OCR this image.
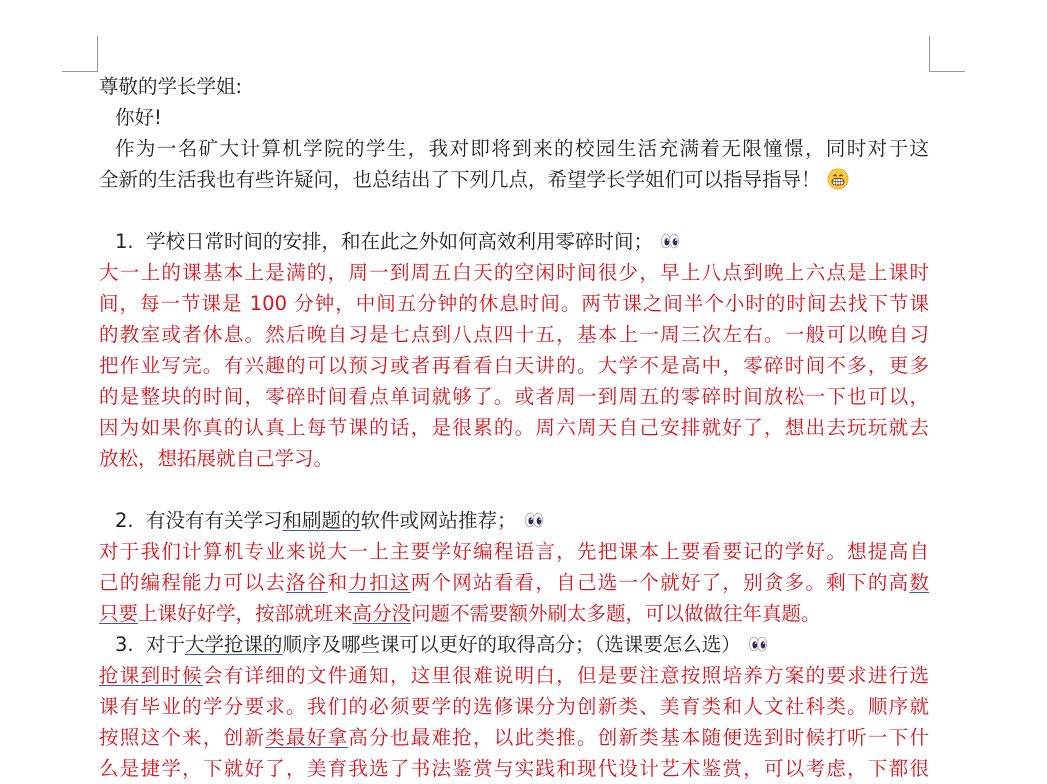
尊敬的学长学姐:
你好!
作为一名矿大计算机学院的学生，我对即将到来的校园生活充满着无限憧憬，同时对于这
全新的生活我也有些许疑问，也总结出了下列几点，希望学长学姐们可以指导指导！
1. 学校日常时间的安排，和在此之外如何高效利用零碎时间；
大一上的课基本上是满的，周一到周五白天的空闲时间很少，早上八点到晚上六点是上课时
间，每一节课是 100 分钟，中间五分钟的休息时间。两节课之间半个小时的时间去找下节课
的教室或者休息。然后晚自习是七点到八点四十五，基本上一周三次左右。一般可以晚自习
把作业写完。有兴趣的可以预习或者再看看白天讲的。大学不是高中，零碎时间不多，更多
的是整块的时间，零碎时间看点单词就够了。或者周一到周五的零碎时间放松一下也可以，
因为如果你真的认真上每节课的话，是很累的。周六周天自己安排就好了，想出去玩玩就去
放松，想拓展就自己学习。
2. 有没有有关学习和刷题的软件或网站推荐；
对于我们计算机专业来说大一上主要学好编程语言，先把课本上要看要记的学好。想提高自
己的编程能力可以去洛谷和力扣这两个网站看看，自己选一个就好了，别贪多。剩下的高数
只要上课好好学，按部就班来高分没问题不需要额外刷太多题，可以做做往年真题。
3. 对于大学抢课的顺序及哪些课可以更好的取得高分；（选课要怎么选）
抢课到时候会有详细的文件通知，这里很难说明白，但是要注意按照培养方案的要求进行选
课有毕业的学分要求。我们的必须要学的选修课分为创新类、美育类和人文社科类。顺序就
按照这个来，创新类最好拿高分也最难抢，以此类推。创新类基本随便选到时候打听一下什
么是捷学，下就好了，美育我选了书法鉴赏与实践和现代设计艺术鉴赏，可以考虑，下都很
